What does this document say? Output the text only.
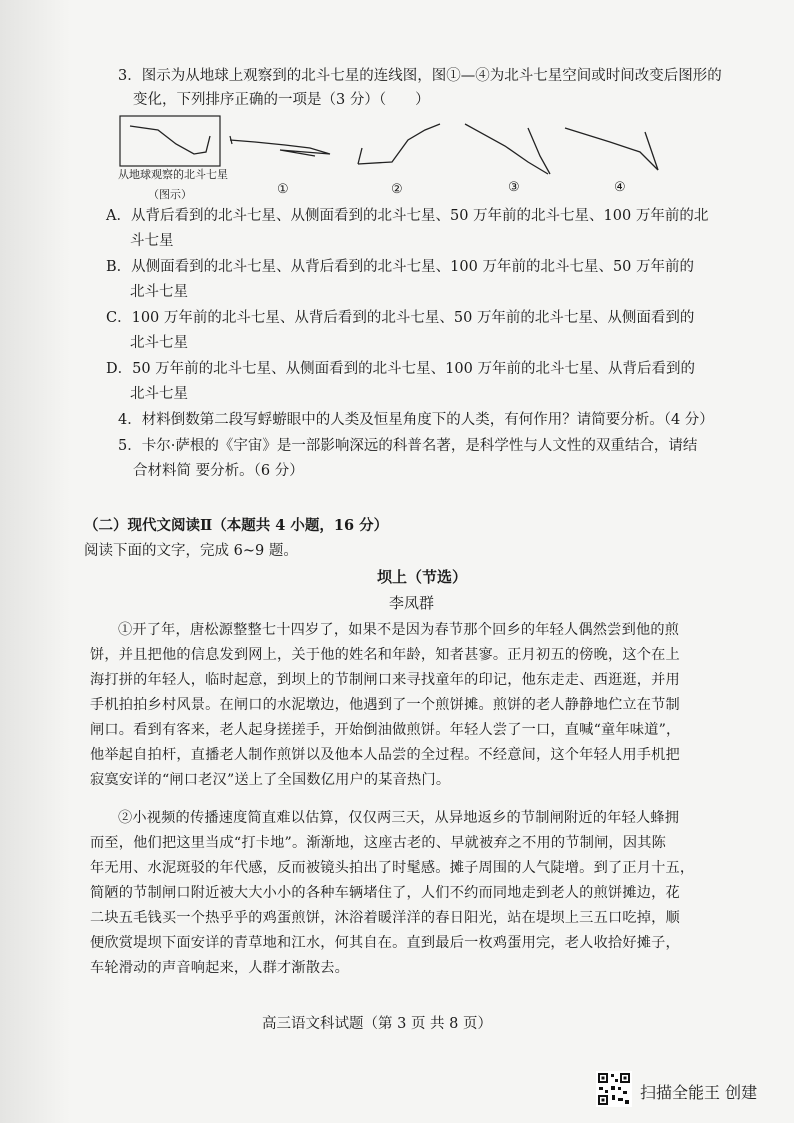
3．图示为从地球上观察到的北斗七星的连线图，图①—④为北斗七星空间或时间改变后图形的
变化，下列排序正确的一项是（3 分）（　　）
从地球观察的北斗七星
（图示）	①	②	③	④
A．从背后看到的北斗七星、从侧面看到的北斗七星、50 万年前的北斗七星、100 万年前的北
斗七星
B．从侧面看到的北斗七星、从背后看到的北斗七星、100 万年前的北斗七星、50 万年前的
北斗七星
C．100 万年前的北斗七星、从背后看到的北斗七星、50 万年前的北斗七星、从侧面看到的
北斗七星
D．50 万年前的北斗七星、从侧面看到的北斗七星、100 万年前的北斗七星、从背后看到的
北斗七星
4．材料倒数第二段写蜉蝣眼中的人类及恒星角度下的人类，有何作用？请简要分析。（4 分）
5．卡尔·萨根的《宇宙》是一部影响深远的科普名著，是科学性与人文性的双重结合，请结
合材料简 要分析。（6 分）
（二）现代文阅读Ⅱ（本题共 4 小题，16 分）
阅读下面的文字，完成 6~9 题。
坝上（节选）
李凤群
①开了年，唐松源整整七十四岁了，如果不是因为春节那个回乡的年轻人偶然尝到他的煎
饼，并且把他的信息发到网上，关于他的姓名和年龄，知者甚寥。正月初五的傍晚，这个在上
海打拼的年轻人，临时起意，到坝上的节制闸口来寻找童年的印记，他东走走、西逛逛，并用
手机拍拍乡村风景。在闸口的水泥墩边，他遇到了一个煎饼摊。煎饼的老人静静地伫立在节制
闸口。看到有客来，老人起身搓搓手，开始倒油做煎饼。年轻人尝了一口，直喊“童年味道”，
他举起自拍杆，直播老人制作煎饼以及他本人品尝的全过程。不经意间，这个年轻人用手机把
寂寞安详的“闸口老汉”送上了全国数亿用户的某音热门。
②小视频的传播速度简直难以估算，仅仅两三天，从异地返乡的节制闸附近的年轻人蜂拥
而至，他们把这里当成“打卡地”。渐渐地，这座古老的、早就被弃之不用的节制闸，因其陈
年无用、水泥斑驳的年代感，反而被镜头拍出了时髦感。摊子周围的人气陡增。到了正月十五，
简陋的节制闸口附近被大大小小的各种车辆堵住了，人们不约而同地走到老人的煎饼摊边，花
二块五毛钱买一个热乎乎的鸡蛋煎饼，沐浴着暖洋洋的春日阳光，站在堤坝上三五口吃掉，顺
便欣赏堤坝下面安详的青草地和江水，何其自在。直到最后一枚鸡蛋用完，老人收拾好摊子，
车轮滑动的声音响起来，人群才渐散去。
高三语文科试题（第 3 页 共 8 页）
扫描全能王 创建
